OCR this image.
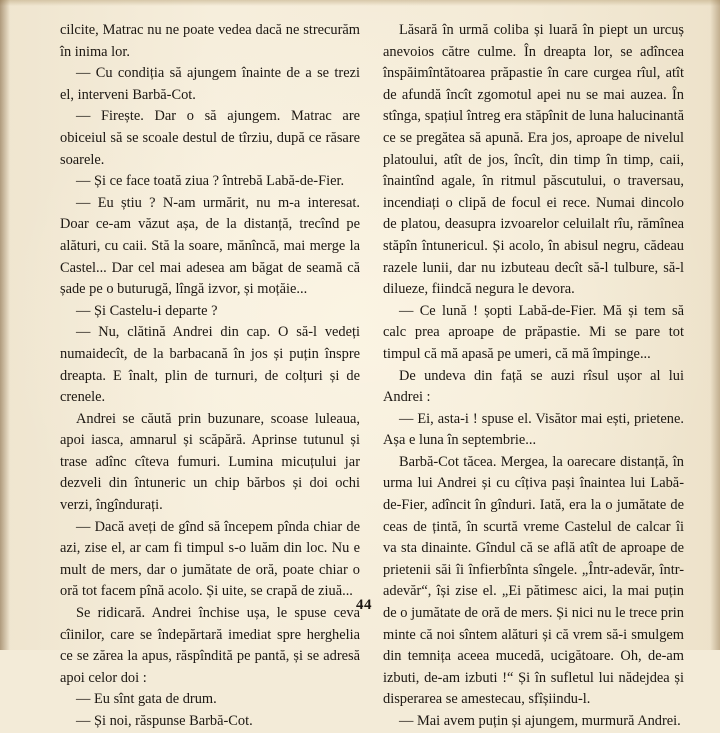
cilcite, Matrac nu ne poate vedea dacă ne strecurăm în inima lor.

— Cu condiția să ajungem înainte de a se trezi el, interveni Barbă-Cot.

— Firește. Dar o să ajungem. Matrac are obiceiul să se scoale destul de tîrziu, după ce răsare soarele.

— Și ce face toată ziua ? întrebă Labă-de-Fier.

— Eu știu ? N-am urmărit, nu m-a interesat. Doar ce-am văzut așa, de la distanță, trecînd pe alături, cu caii. Stă la soare, mănîncă, mai merge la Castel... Dar cel mai adesea am băgat de seamă că șade pe o buturugă, lîngă izvor, și moțăie...

— Și Castelu-i departe ?

— Nu, clătină Andrei din cap. O să-l vedeți numaidecît, de la barbacană în jos și puțin înspre dreapta. E înalt, plin de turnuri, de colțuri și de crenele.

Andrei se căută prin buzunare, scoase luleaua, apoi iasca, amnarul și scăpără. Aprinse tutunul și trase adînc cîteva fumuri. Lumina micuțului jar dezveli din întuneric un chip bărbos și doi ochi verzi, îngîndurați.

— Dacă aveți de gînd să începem pînda chiar de azi, zise el, ar cam fi timpul s-o luăm din loc. Nu e mult de mers, dar o jumătate de oră, poate chiar o oră tot facem pînă acolo. Și uite, se crapă de ziuă...

Se ridicară. Andrei închise ușa, le spuse ceva cîinilor, care se îndepărtară imediat spre herghelia ce se zărea la apus, răspîndită pe pantă, și se adresă apoi celor doi :

— Eu sînt gata de drum.

— Și noi, răspunse Barbă-Cot.

Lăsară în urmă coliba și luară în piept un urcuș anevoios către culme. În dreapta lor, se adîncea înspăimîntătoarea prăpastie în care curgea rîul, atît de afundă încît zgomotul apei nu se mai auzea. În stînga, spațiul întreg era stăpînit de luna halucinantă ce se pregătea să apună. Era jos, aproape de nivelul platoului, atît de jos, încît, din timp în timp, caii, înaintînd agale, în ritmul păscutului, o traversau, incendiați o clipă de focul ei rece. Numai dincolo de platou, deasupra izvoarelor celuilalt rîu, rămînea stăpîn întunericul. Și acolo, în abisul negru, cădeau razele lunii, dar nu izbuteau decît să-l tulbure, să-l dilueze, fiindcă negura le devora.

— Ce lună ! șopti Labă-de-Fier. Mă și tem să calc prea aproape de prăpastie. Mi se pare tot timpul că mă apasă pe umeri, că mă împinge...

De undeva din față se auzi rîsul ușor al lui Andrei :

— Ei, asta-i ! spuse el. Visător mai ești, prietene. Așa e luna în septembrie...

Barbă-Cot tăcea. Mergea, la oarecare distanță, în urma lui Andrei și cu cîțiva pași înaintea lui Labă-de-Fier, adîncit în gînduri. Iată, era la o jumătate de ceas de țintă, în scurtă vreme Castelul de calcar îi va sta dinainte. Gîndul că se află atît de aproape de prietenii săi îi înfierbînta sîngele. „Într-adevăr, într-adevăr“, își zise el. „Ei pătimesc aici, la mai puțin de o jumătate de oră de mers. Și nici nu le trece prin minte că noi sîntem alături și că vrem să-i smulgem din temnița aceea mucedă, ucigătoare. Oh, de-am izbuti, de-am izbuti !“ Și în sufletul lui nădejdea și disperarea se amestecau, sfîșiindu-l.

— Mai avem puțin și ajungem, murmură Andrei.

44
